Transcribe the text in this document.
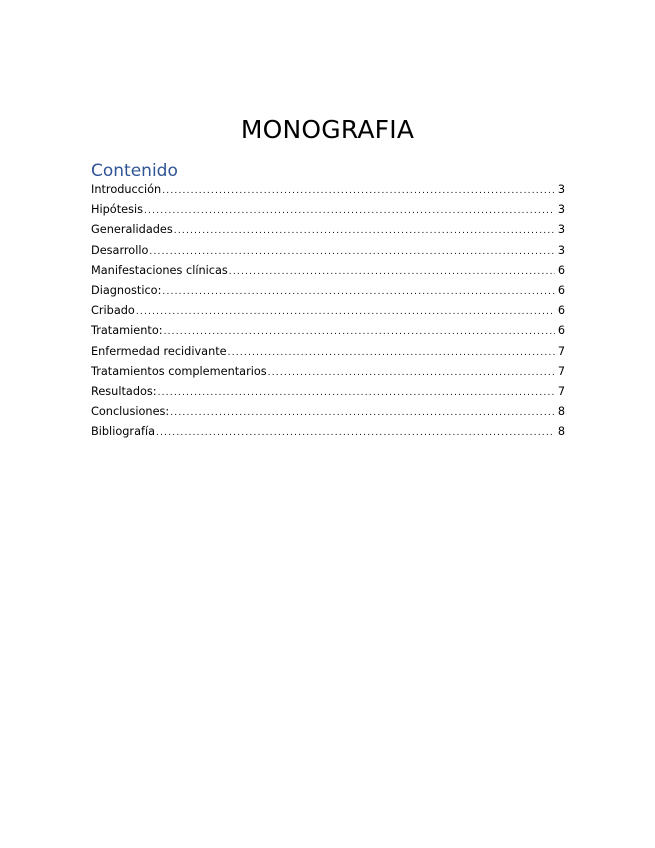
MONOGRAFIA
Contenido
Introducción .....	3
Hipótesis .....	3
Generalidades .....	3
Desarrollo .....	3
Manifestaciones clínicas .....	6
Diagnostico: .....	6
Cribado .....	6
Tratamiento: .....	6
Enfermedad recidivante .....	7
Tratamientos complementarios .....	7
Resultados: .....	7
Conclusiones: .....	8
Bibliografía .....	8
